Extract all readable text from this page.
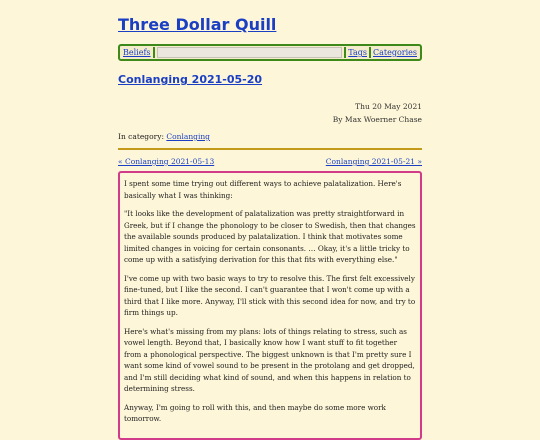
Three Dollar Quill
Beliefs	Tags Categories
Conlanging 2021-05-20
Thu 20 May 2021
By Max Woerner Chase
In category: Conlanging
« Conlanging 2021-05-13	Conlanging 2021-05-21 »

I spent some time trying out different ways to achieve palatalization. Here's basically what I was thinking:

"It looks like the development of palatalization was pretty straightforward in Greek, but if I change the phonology to be closer to Swedish, then that changes the available sounds produced by palatalization. I think that motivates some limited changes in voicing for certain consonants. … Okay, it's a little tricky to come up with a satisfying derivation for this that fits with everything else."

I've come up with two basic ways to try to resolve this. The first felt excessively fine-tuned, but I like the second. I can't guarantee that I won't come up with a third that I like more. Anyway, I'll stick with this second idea for now, and try to firm things up.

Here's what's missing from my plans: lots of things relating to stress, such as vowel length. Beyond that, I basically know how I want stuff to fit together from a phonological perspective. The biggest unknown is that I'm pretty sure I want some kind of vowel sound to be present in the protolang and get dropped, and I'm still deciding what kind of sound, and when this happens in relation to determining stress.

Anyway, I'm going to roll with this, and then maybe do some more work tomorrow.
